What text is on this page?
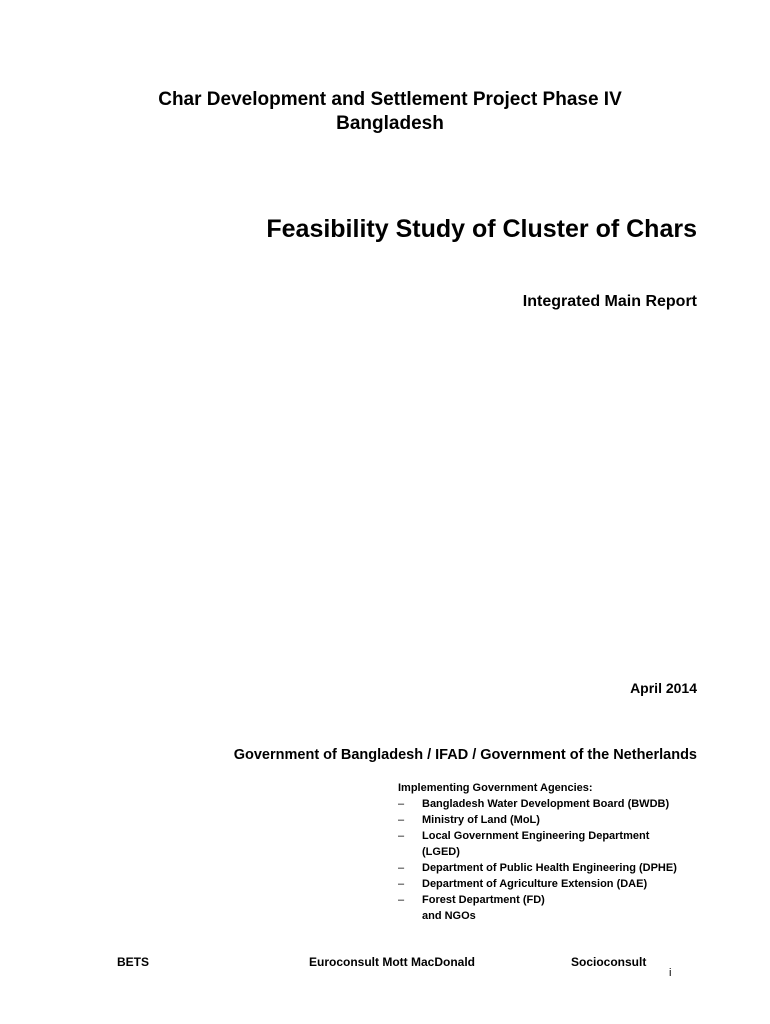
Char Development and Settlement Project Phase IV
Bangladesh
Feasibility Study of Cluster of Chars
Integrated Main Report
April 2014
Government of Bangladesh / IFAD / Government of the Netherlands
Implementing Government Agencies:
–	Bangladesh Water Development Board (BWDB)
–	Ministry of Land (MoL)
–	Local Government Engineering Department
(LGED)
–	Department of Public Health Engineering (DPHE)
–	Department of Agriculture Extension (DAE)
–	Forest Department (FD)
and NGOs
BETS	Euroconsult Mott MacDonald	Socioconsult
i
